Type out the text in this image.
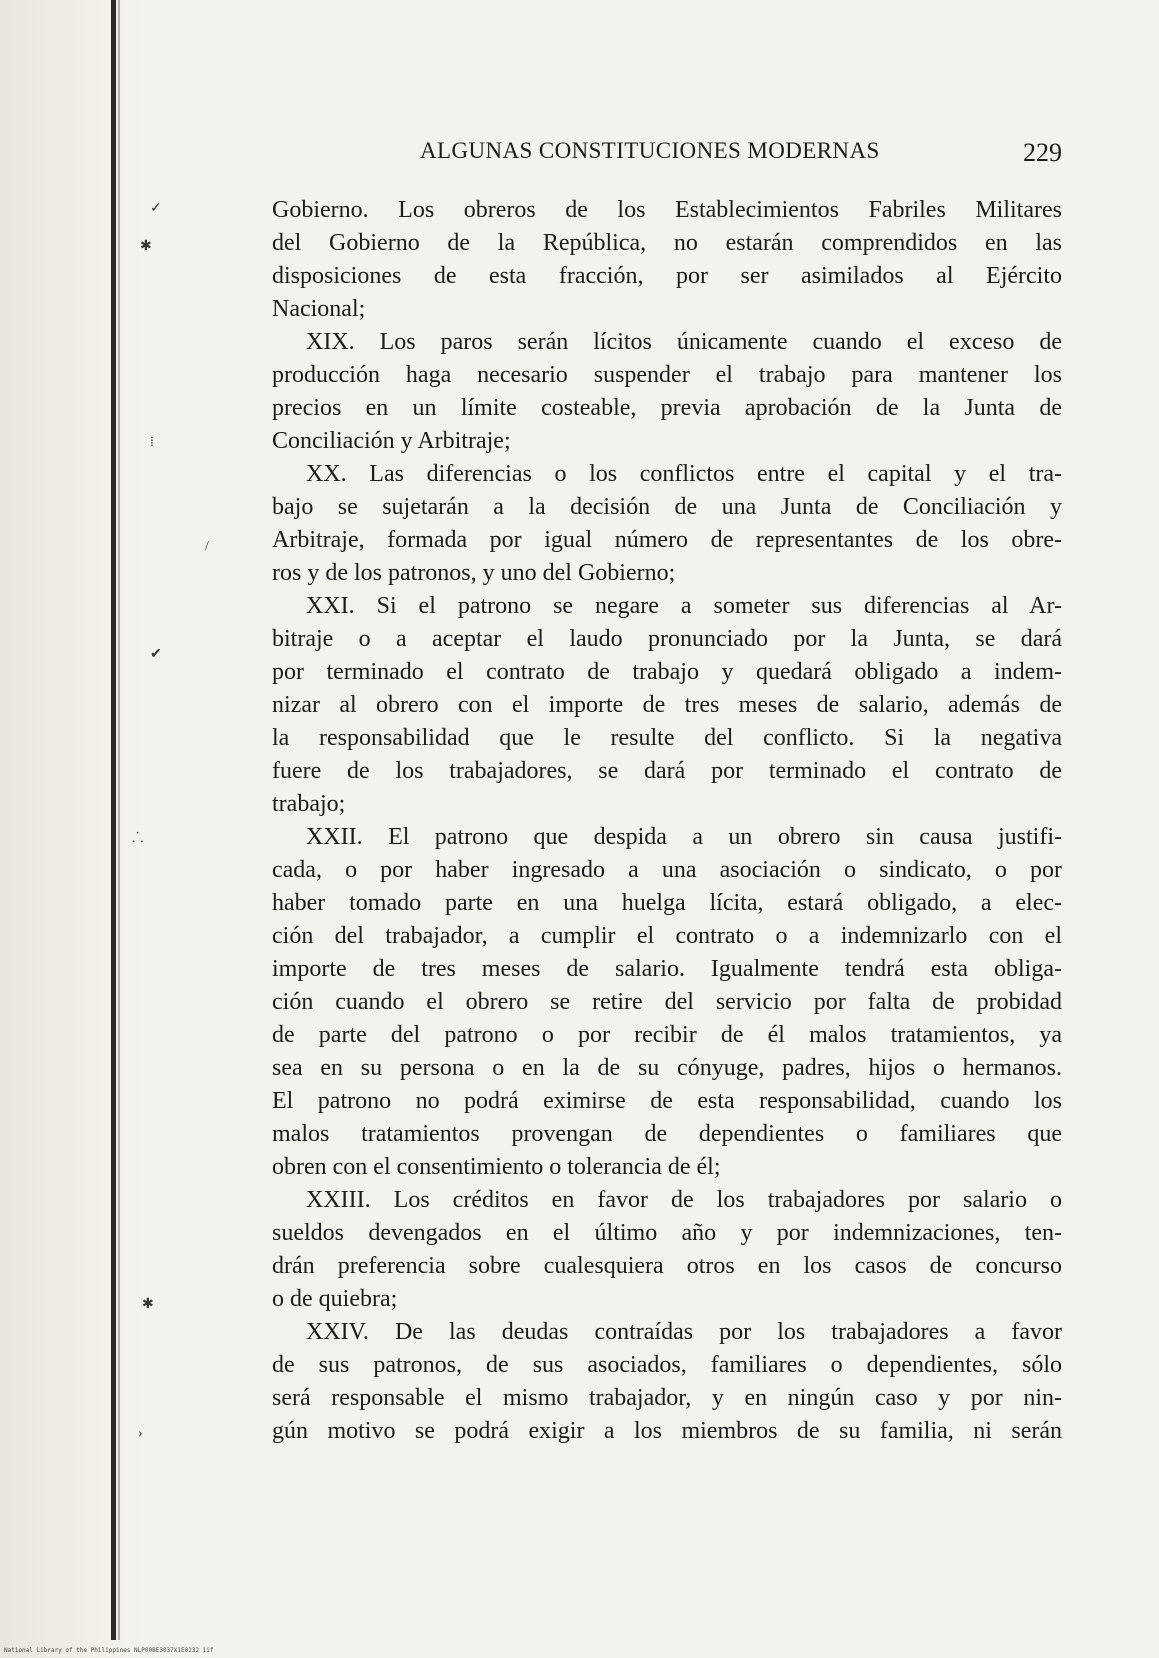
✓
✱
⁞
/
✔
⸫
✱
›
ALGUNAS CONSTITUCIONES MODERNAS	229
Gobierno. Los obreros de los Establecimientos Fabriles Militares
del Gobierno de la República, no estarán comprendidos en las
disposiciones de esta fracción, por ser asimilados al Ejército
Nacional;
XIX. Los paros serán lícitos únicamente cuando el exceso de
producción haga necesario suspender el trabajo para mantener los
precios en un límite costeable, previa aprobación de la Junta de
Conciliación y Arbitraje;
XX. Las diferencias o los conflictos entre el capital y el tra-
bajo se sujetarán a la decisión de una Junta de Conciliación y
Arbitraje, formada por igual número de representantes de los obre-
ros y de los patronos, y uno del Gobierno;
XXI. Si el patrono se negare a someter sus diferencias al Ar-
bitraje o a aceptar el laudo pronunciado por la Junta, se dará
por terminado el contrato de trabajo y quedará obligado a indem-
nizar al obrero con el importe de tres meses de salario, además de
la responsabilidad que le resulte del conflicto. Si la negativa
fuere de los trabajadores, se dará por terminado el contrato de
trabajo;
XXII. El patrono que despida a un obrero sin causa justifi-
cada, o por haber ingresado a una asociación o sindicato, o por
haber tomado parte en una huelga lícita, estará obligado, a elec-
ción del trabajador, a cumplir el contrato o a indemnizarlo con el
importe de tres meses de salario. Igualmente tendrá esta obliga-
ción cuando el obrero se retire del servicio por falta de probidad
de parte del patrono o por recibir de él malos tratamientos, ya
sea en su persona o en la de su cónyuge, padres, hijos o hermanos.
El patrono no podrá eximirse de esta responsabilidad, cuando los
malos tratamientos provengan de dependientes o familiares que
obren con el consentimiento o tolerancia de él;
XXIII. Los créditos en favor de los trabajadores por salario o
sueldos devengados en el último año y por indemnizaciones, ten-
drán preferencia sobre cualesquiera otros en los casos de concurso
o de quiebra;
XXIV. De las deudas contraídas por los trabajadores a favor
de sus patronos, de sus asociados, familiares o dependientes, sólo
será responsable el mismo trabajador, y en ningún caso y por nin-
gún motivo se podrá exigir a los miembros de su familia, ni serán
National Library of the Philippines NLP00BE3037X1E0232 1if
